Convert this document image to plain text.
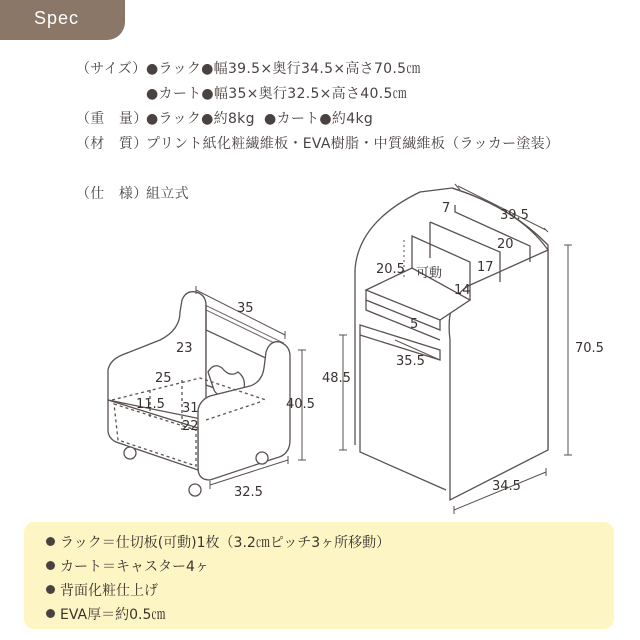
Spec
（サイズ）●ラック●幅39.5×奥行34.5×高さ70.5㎝
●カート●幅35×奥行32.5×高さ40.5㎝
（重　量）●ラック●約8kg ●カート●約4kg
（材　質）プリント紙化粧繊維板・EVA樹脂・中質繊維板（ラッカー塗装）
（仕　様）組立式
35
40.5
32.5
23
25
11.5 31
22
7	39.5
20
20.5 可動	17
14
5
70.5
48.5
35.5
34.5
ラック＝仕切板(可動)1枚（3.2㎝ピッチ3ヶ所移動）
カート＝キャスター4ヶ
背面化粧仕上げ
EVA厚＝約0.5㎝
